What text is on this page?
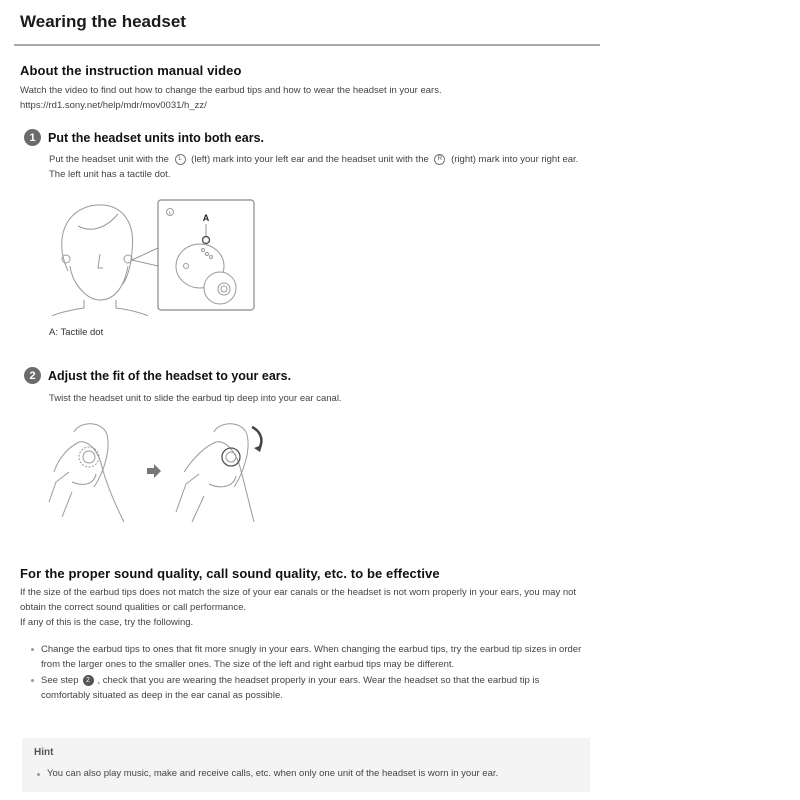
Wearing the headset
About the instruction manual video
Watch the video to find out how to change the earbud tips and how to wear the headset in your ears.
https://rd1.sony.net/help/mdr/mov0031/h_zz/
1 Put the headset units into both ears.
Put the headset unit with the L (left) mark into your left ear and the headset unit with the R (right) mark into your right ear. The left unit has a tactile dot.
L
A
A: Tactile dot
2 Adjust the fit of the headset to your ears.
Twist the headset unit to slide the earbud tip deep into your ear canal.
For the proper sound quality, call sound quality, etc. to be effective
If the size of the earbud tips does not match the size of your ear canals or the headset is not worn properly in your ears, you may not obtain the correct sound qualities or call performance.
If any of this is the case, try the following.
Change the earbud tips to ones that fit more snugly in your ears. When changing the earbud tips, try the earbud tip sizes in order from the larger ones to the smaller ones. The size of the left and right earbud tips may be different.
See step 2 , check that you are wearing the headset properly in your ears. Wear the headset so that the earbud tip is comfortably situated as deep in the ear canal as possible.
Hint
You can also play music, make and receive calls, etc. when only one unit of the headset is worn in your ear.
